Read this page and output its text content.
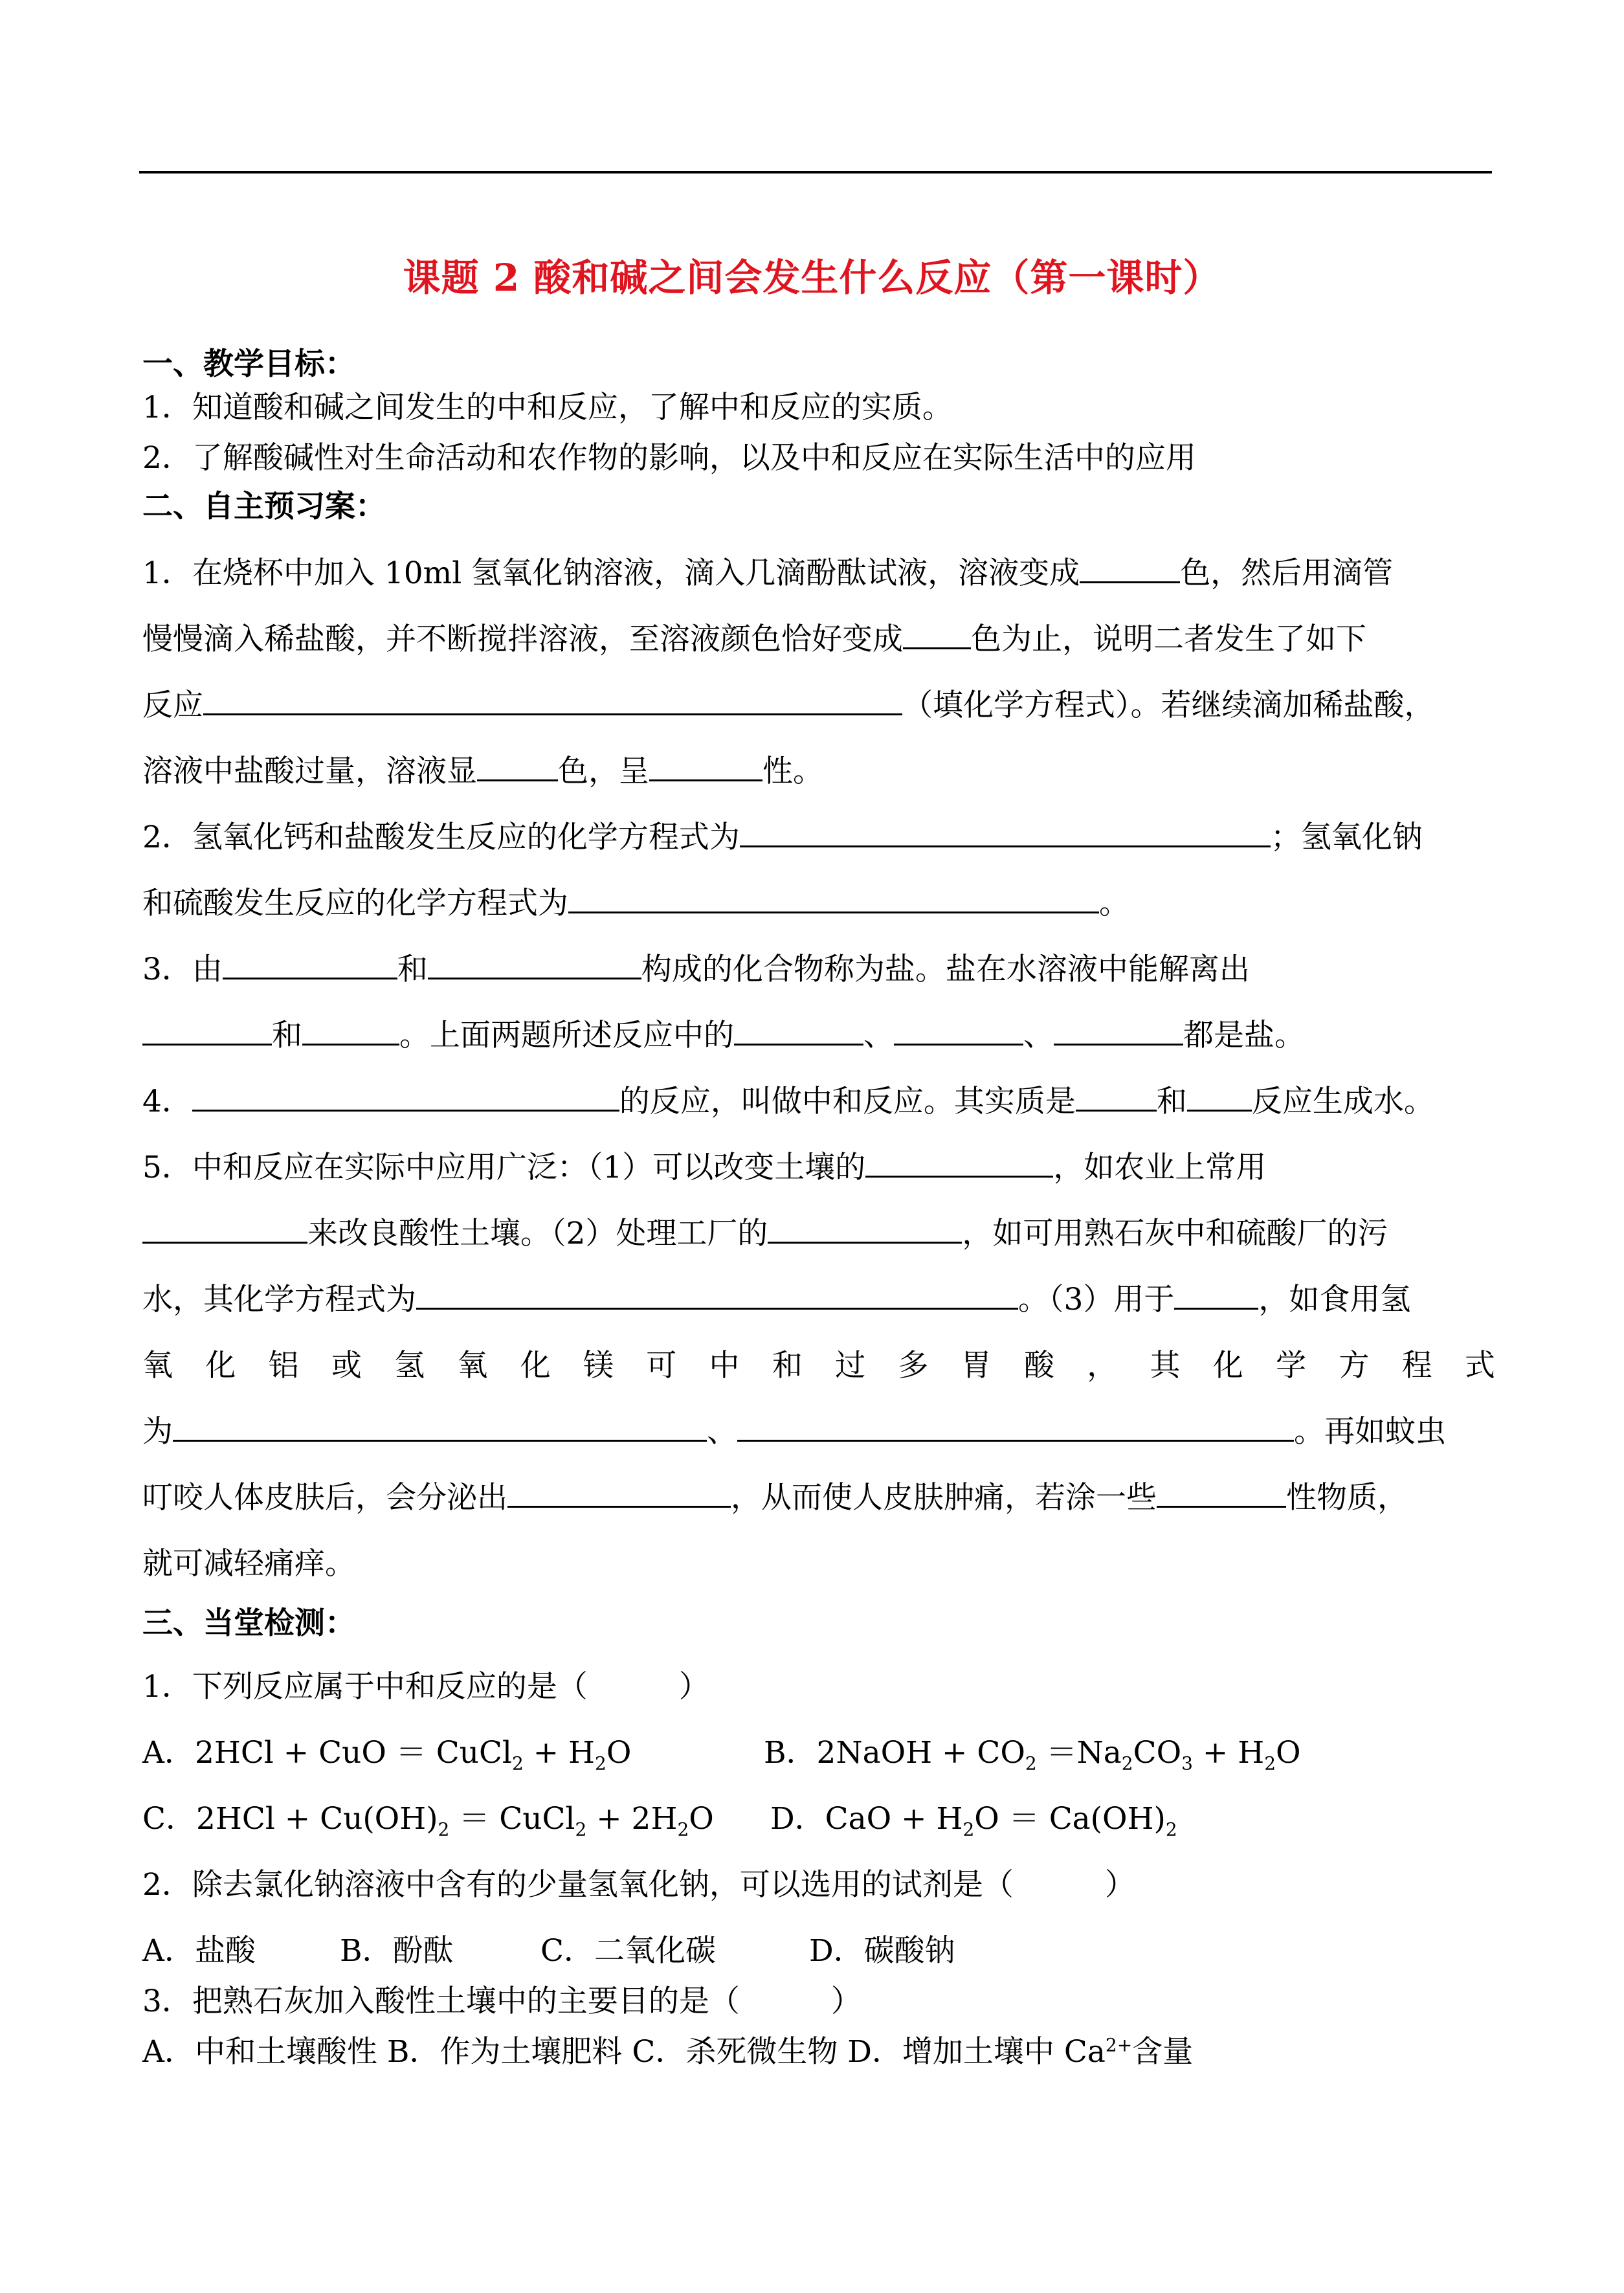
课题 2 酸和碱之间会发生什么反应（第一课时）
一、教学目标：
1．知道酸和碱之间发生的中和反应，了解中和反应的实质。
2．了解酸碱性对生命活动和农作物的影响，以及中和反应在实际生活中的应用
二、自主预习案：
1．在烧杯中加入 10ml 氢氧化钠溶液，滴入几滴酚酞试液，溶液变成	色，然后用滴管
慢慢滴入稀盐酸，并不断搅拌溶液，至溶液颜色恰好变成 色为止，说明二者发生了如下
反应	（填化学方程式）。若继续滴加稀盐酸，
溶液中盐酸过量，溶液显	色，呈	性。
2．氢氧化钙和盐酸发生反应的化学方程式为	；氢氧化钠
和硫酸发生反应的化学方程式为	。
3．由	和	构成的化合物称为盐。盐在水溶液中能解离出
和	。上面两题所述反应中的	、	、	都是盐。
4．	的反应，叫做中和反应。其实质是	和 反应生成水。
5．中和反应在实际中应用广泛：（1）可以改变土壤的	，如农业上常用
来改良酸性土壤。（2）处理工厂的	，如可用熟石灰中和硫酸厂的污
水，其化学方程式为	。（3）用于	，如食用氢
氧 化 铝 或 氢 氧 化 镁 可 中 和 过 多 胃 酸 ， 其 化 学 方 程 式
为	、	。再如蚊虫
叮咬人体皮肤后，会分泌出	，从而使人皮肤肿痛，若涂一些	性物质，
就可减轻痛痒。
三、当堂检测：
1．下列反应属于中和反应的是（　　　）
A．2HCl + CuO ＝ CuCl$_2$ + $H_2O$	B．2NaOH + $CO_2 =Na_2CO_3 + H_2O$
C．$2HCl + Cu(OH)_2$ ＝ CuCl$_2$ + $2H_2O$ D．CaO + $H_2O = Ca(OH)_2$
2．除去氯化钠溶液中含有的少量氢氧化钠，可以选用的试剂是（　　　）
A．盐酸	B．酚酞	C．二氧化碳	D．碳酸钠
3．把熟石灰加入酸性土壤中的主要目的是（　　　）
A．中和土壤酸性 B．作为土壤肥料 C．杀死微生物 D．增加土壤中 $Ca^{2+}$含量
